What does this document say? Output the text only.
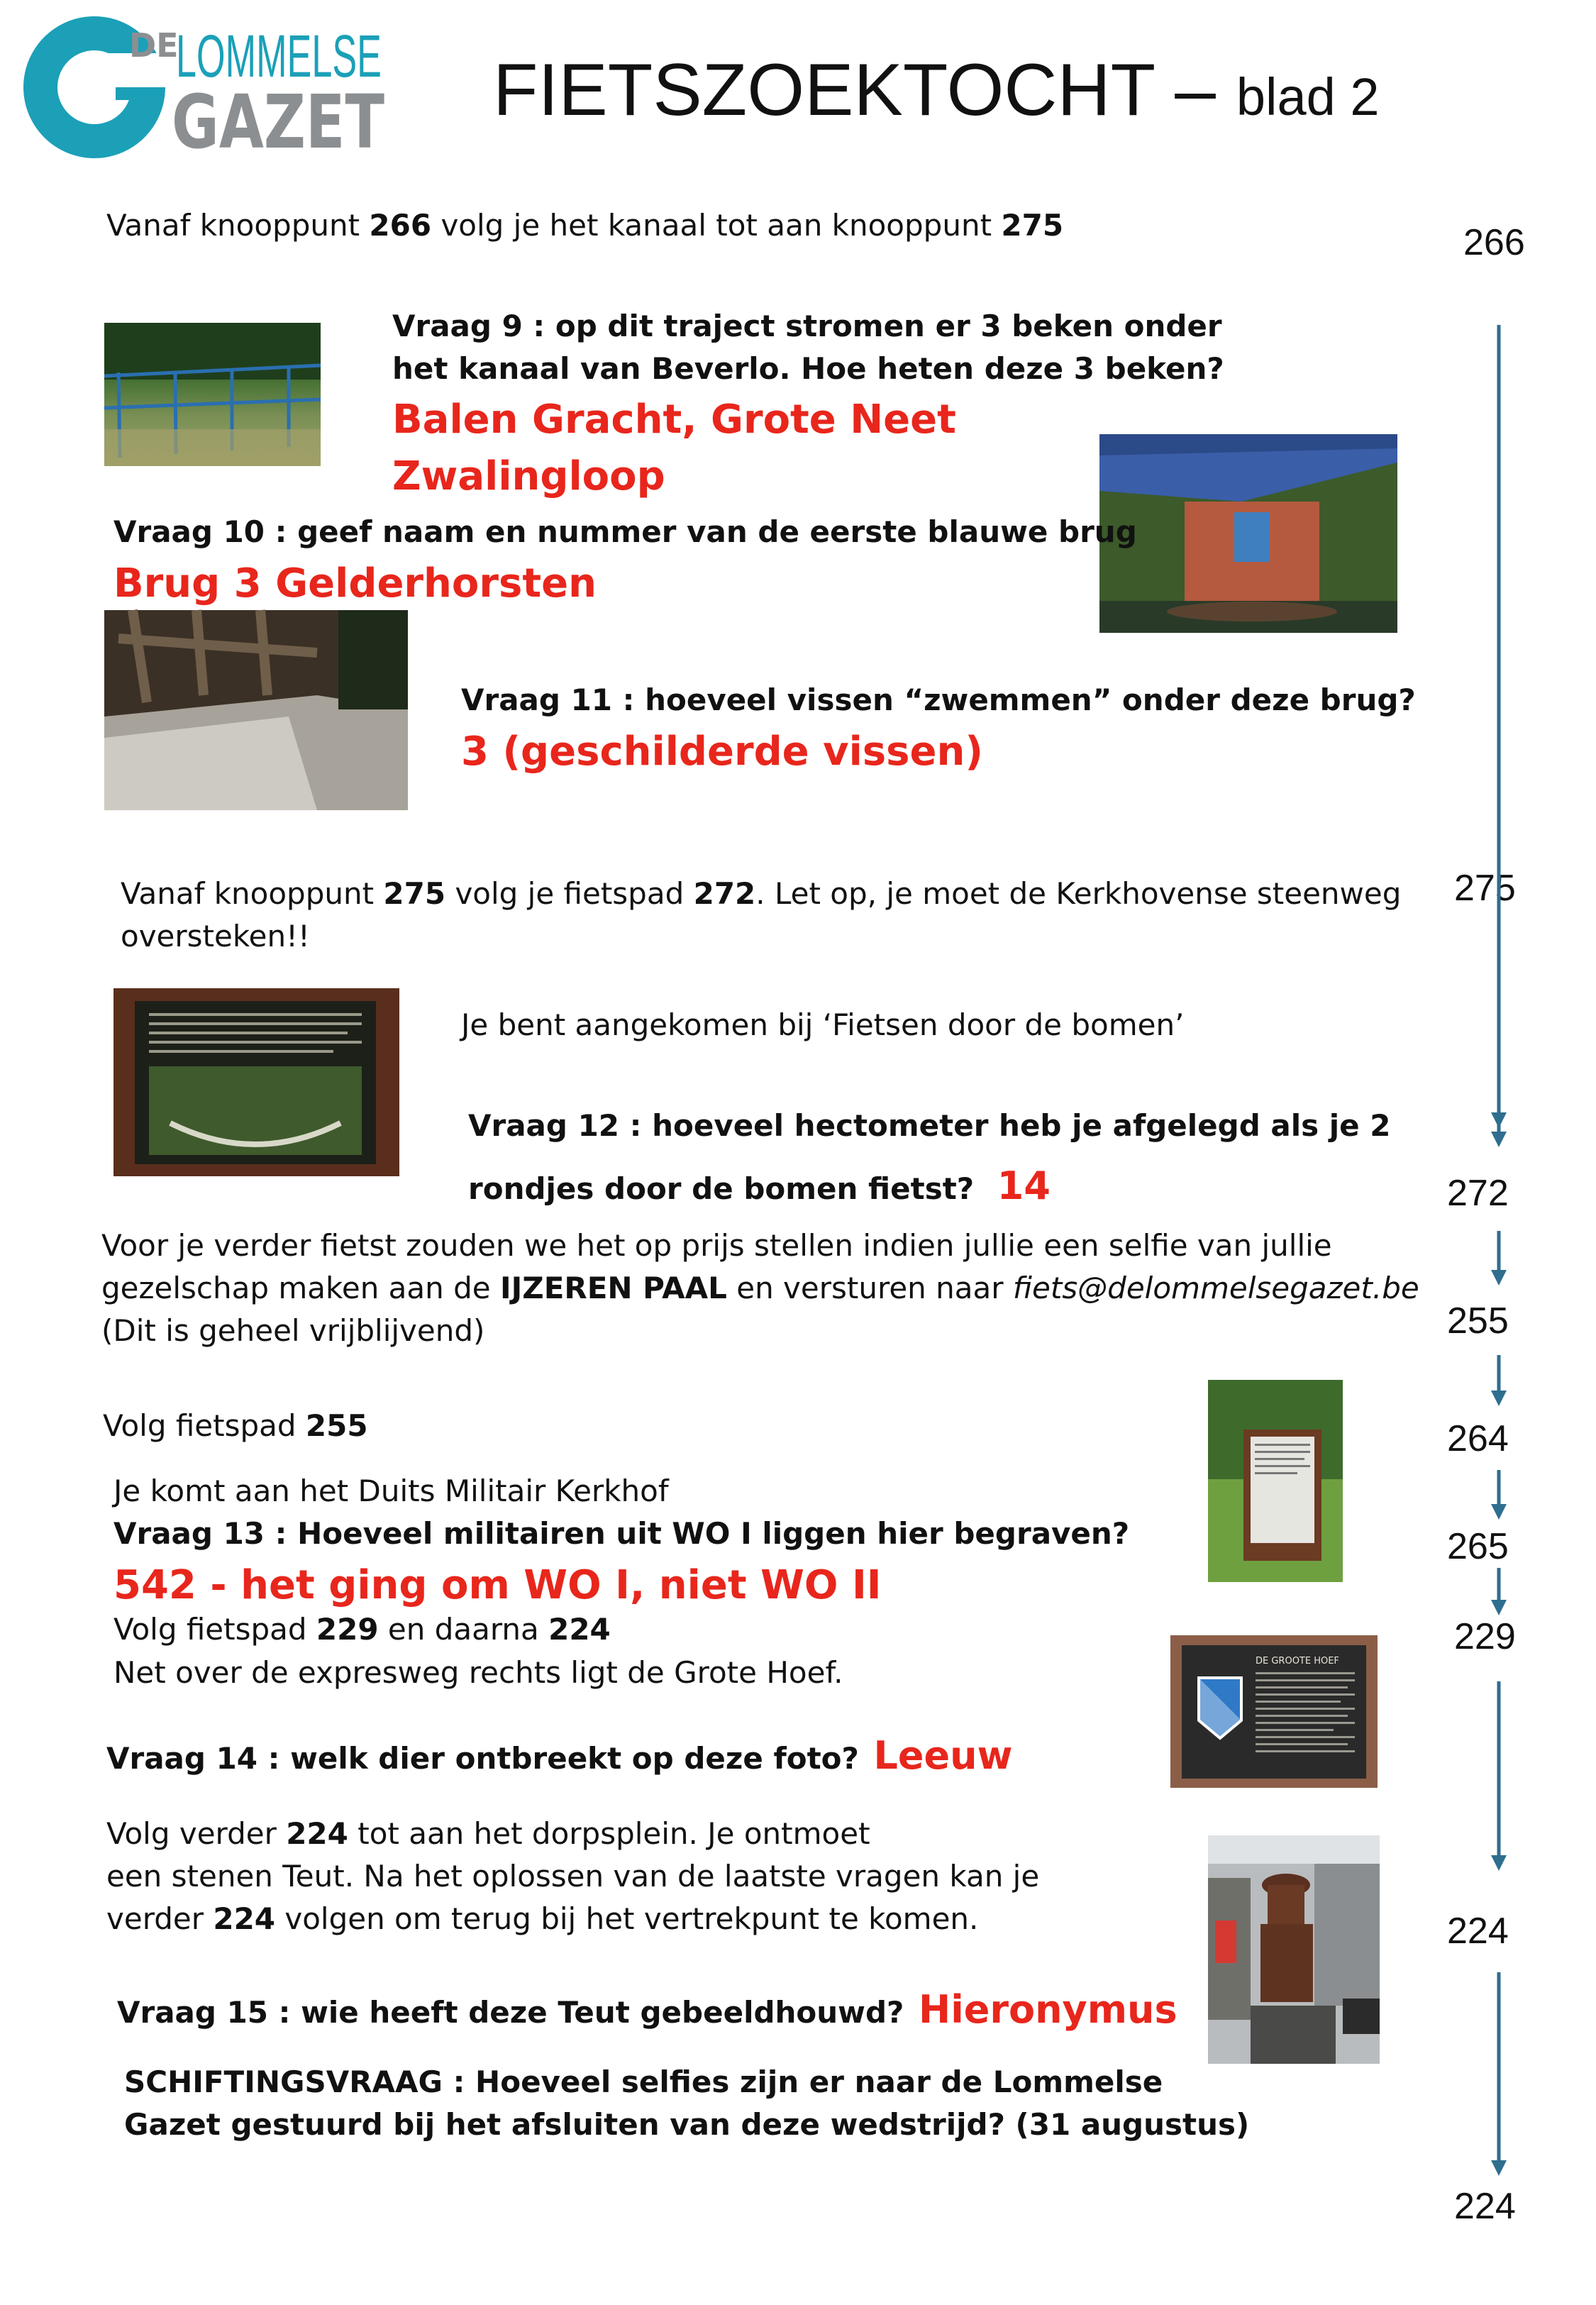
DE
LOMMELSE
GAZET FIETSZOEKTOCHT – blad 2
266
275
272
255
264
265
229
224
224
Vanaf knooppunt 266 volg je het kanaal tot aan knooppunt 275
Vraag 9 : op dit traject stromen er 3 beken onder
het kanaal van Beverlo. Hoe heten deze 3 beken?
Balen Gracht, Grote Neet
Zwalingloop
Vraag 10 : geef naam en nummer van de eerste blauwe brug
Brug 3 Gelderhorsten
Vraag 11 : hoeveel vissen “zwemmen” onder deze brug?
3 (geschilderde vissen)
Vanaf knooppunt 275 volg je fietspad 272. Let op, je moet de Kerkhovense steenweg
oversteken!!
Je bent aangekomen bij ‘Fietsen door de bomen’
Vraag 12 : hoeveel hectometer heb je afgelegd als je 2
rondjes door de bomen fietst? 14
Voor je verder fietst zouden we het op prijs stellen indien jullie een selfie van jullie
gezelschap maken aan de IJZEREN PAAL en versturen naar fiets@delommelsegazet.be
(Dit is geheel vrijblijvend)
Volg fietspad 255
Je komt aan het Duits Militair Kerkhof
Vraag 13 : Hoeveel militairen uit WO I liggen hier begraven?
542 - het ging om WO I, niet WO II
Volg fietspad 229 en daarna 224
Net over de expresweg rechts ligt de Grote Hoef.	DE GROOTE HOEF
Vraag 14 : welk dier ontbreekt op deze foto? Leeuw
Volg verder 224 tot aan het dorpsplein. Je ontmoet
een stenen Teut. Na het oplossen van de laatste vragen kan je
verder 224 volgen om terug bij het vertrekpunt te komen.
Vraag 15 : wie heeft deze Teut gebeeldhouwd? Hieronymus
SCHIFTINGSVRAAG : Hoeveel selfies zijn er naar de Lommelse
Gazet gestuurd bij het afsluiten van deze wedstrijd? (31 augustus)
